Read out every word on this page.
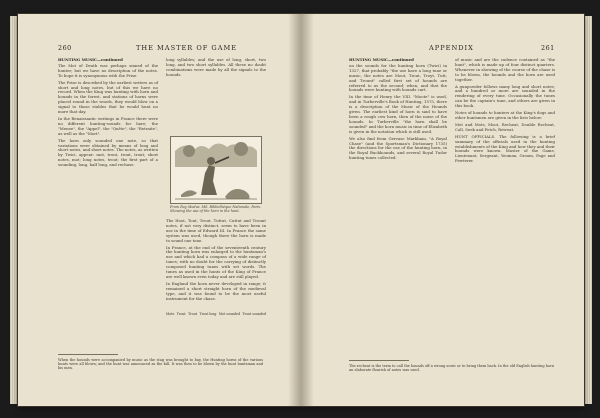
260	THE MASTER OF GAME
HUNTING MUSIC—continued

The Mot of Death was perhaps sinned of the hunter; but we have no description of the notes. To hope it is synonymous with the Prise.

The Prise is described by the earliest writers as of short and long notes, but of this we have no record. When the King was hunting with horn and hounds in the forest, and stations of horns were placed round in the woods, they would blow on a signal to those stables that he would hunt no more that day.

In the Renaissantic writings in France there were no different hunting-sounds for hare; the "Menee", the "Appel", the "Quête", the "Retraite", as well as the "Mort".

The horn only sounded one note, so that variations were obtained by means of long and short notes, and short notes. The notes, as written by Twici, appear: mot, trout, trout, trout; short notes, mot; long notes, trout; the first part of a sounding, long, half long, and rechase.

long syllables; and the use of long, short, two long, and two short syllables. All these no doubt combinations were made by all the signals to the hounds.

From Roy Modus. MS. Bibliothèque Nationale, Paris. Showing the use of the horn in the hunt.

The Hoot, Tout, Trout, Tuttut, Cuttut and Trount notes, if not very distinct, seem to have been in use in the time of Edward III. In France the same system was used, though there the horn is made to sound one tone.

In France, at the end of the seventeenth century the hunting horn was enlarged to the huntsman's use and which had a compass of a wide range of tones; with no doubt for the carrying of distinctly composed hunting tunes with set words. The tunes as used in the hunts of the King of France are well known even today and are still played.

In England the horn never developed in range; it remained a short straight horn of the medieval type, and it was found to be the most useful instrument for the chase.

Mote Trout Trout Trout long Mot sounded Trout sounded
When the hounds were accompanied by music as the stag was brought to bay, the Hunting horns of the various hunts were all blown; and the hunt was announced as the kill. It was then to be blown by the hunt huntsman and his men.
APPENDIX	261
HUNTING MUSIC—continued

on the sounds for the hunting horn (Twici) in 1327, that probably "the use have a long tune or music, the notes are Moot, Trout, Troyt, Tutt, and Trount" called first set of hounds are referred to as the second; when, and that the hounds were hunting with hounds cart.

In the time of Henry the VIII. "Moote" is used, and in Turberville's Book of Hunting, 1575, there is a description of the Music of the Hounds given. The earliest kind of horn is said to have been a rough cow horn, then of the noise of the hounds. In Turberville "the horn shall be sounded" and the horn music in time of Elizabeth is given in the notation which is still used.

We also find from Gervase Markham, "A Royal Chase" (and the Sportsman's Dictionary 1735) the directions for the use of the hunting horn, in the Royal Buckhounds, and several Royal Tudor hunting tunes collected.

of music and are the cadence contained as "the hunt", which is made up of four distinct quarters. Whenever in showing of the course of the chase is to be blown, the hounds and the horn are used together.

A gunpowder follows many long and short notes; and a hundred or more are sounded in the rendering of every tune. Occasionally the tunes can be the captain's tune, and others are given in this book.

Notes of hounds to hunters at the King's dogs and other huntsmen are given in the lists below:

Mot and Mots, Moot, Recheat, Double Recheat, Call, Seek and Fetch, Retreat.

HUNT OFFICIALS. The following is a brief summary of the officials used in the hunting establishments of the King and how they and their hounds were known. Master of the Game, Lieutenant, Sergeant, Yeoman, Groom, Page and Fewterer.

The recheat is the term to call the hounds off a wrong scent or to bring them back. In the old English hunting horn an elaborate flourish of notes was used.
